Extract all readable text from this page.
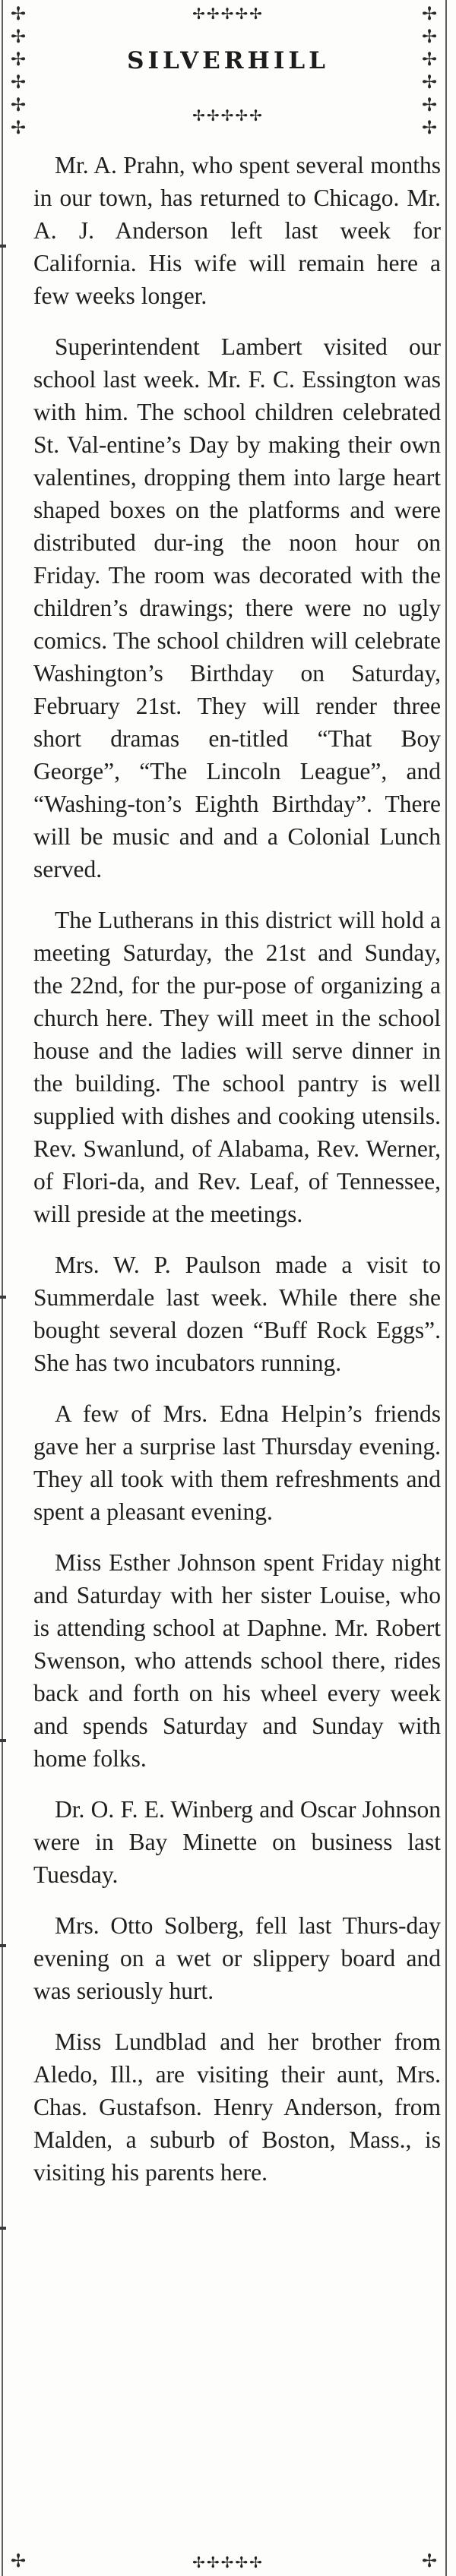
✢
✢
✢
✢
✢
✢
✢
✢
✢
✢
✢
✢
✢	✢
✢✢✢✢✢
SILVERHILL
✢✢✢✢✢

Mr. A. Prahn, who spent several months in our town, has returned to Chicago. Mr. A. J. Anderson left last week for California. His wife will remain here a few weeks longer.

Superintendent Lambert visited our school last week. Mr. F. C. Essington was with him. The school children celebrated St. Val-entine’s Day by making their own valentines, dropping them into large heart shaped boxes on the platforms and were distributed dur-ing the noon hour on Friday. The room was decorated with the children’s drawings; there were no ugly comics. The school children will celebrate Washington’s Birthday on Saturday, February 21st. They will render three short dramas en-titled “That Boy George”, “The Lincoln League”, and “Washing-ton’s Eighth Birthday”. There will be music and and a Colonial Lunch served.

The Lutherans in this district will hold a meeting Saturday, the 21st and Sunday, the 22nd, for the pur-pose of organizing a church here. They will meet in the school house and the ladies will serve dinner in the building. The school pantry is well supplied with dishes and cooking utensils. Rev. Swanlund, of Alabama, Rev. Werner, of Flori-da, and Rev. Leaf, of Tennessee, will preside at the meetings.

Mrs. W. P. Paulson made a visit to Summerdale last week. While there she bought several dozen “Buff Rock Eggs”. She has two incubators running.

A few of Mrs. Edna Helpin’s friends gave her a surprise last Thursday evening. They all took with them refreshments and spent a pleasant evening.

Miss Esther Johnson spent Friday night and Saturday with her sister Louise, who is attending school at Daphne. Mr. Robert Swenson, who attends school there, rides back and forth on his wheel every week and spends Saturday and Sunday with home folks.

Dr. O. F. E. Winberg and Oscar Johnson were in Bay Minette on business last Tuesday.

Mrs. Otto Solberg, fell last Thurs-day evening on a wet or slippery board and was seriously hurt.

Miss Lundblad and her brother from Aledo, Ill., are visiting their aunt, Mrs. Chas. Gustafson. Henry Anderson, from Malden, a suburb of Boston, Mass., is visiting his parents here.

✢✢✢✢✢
